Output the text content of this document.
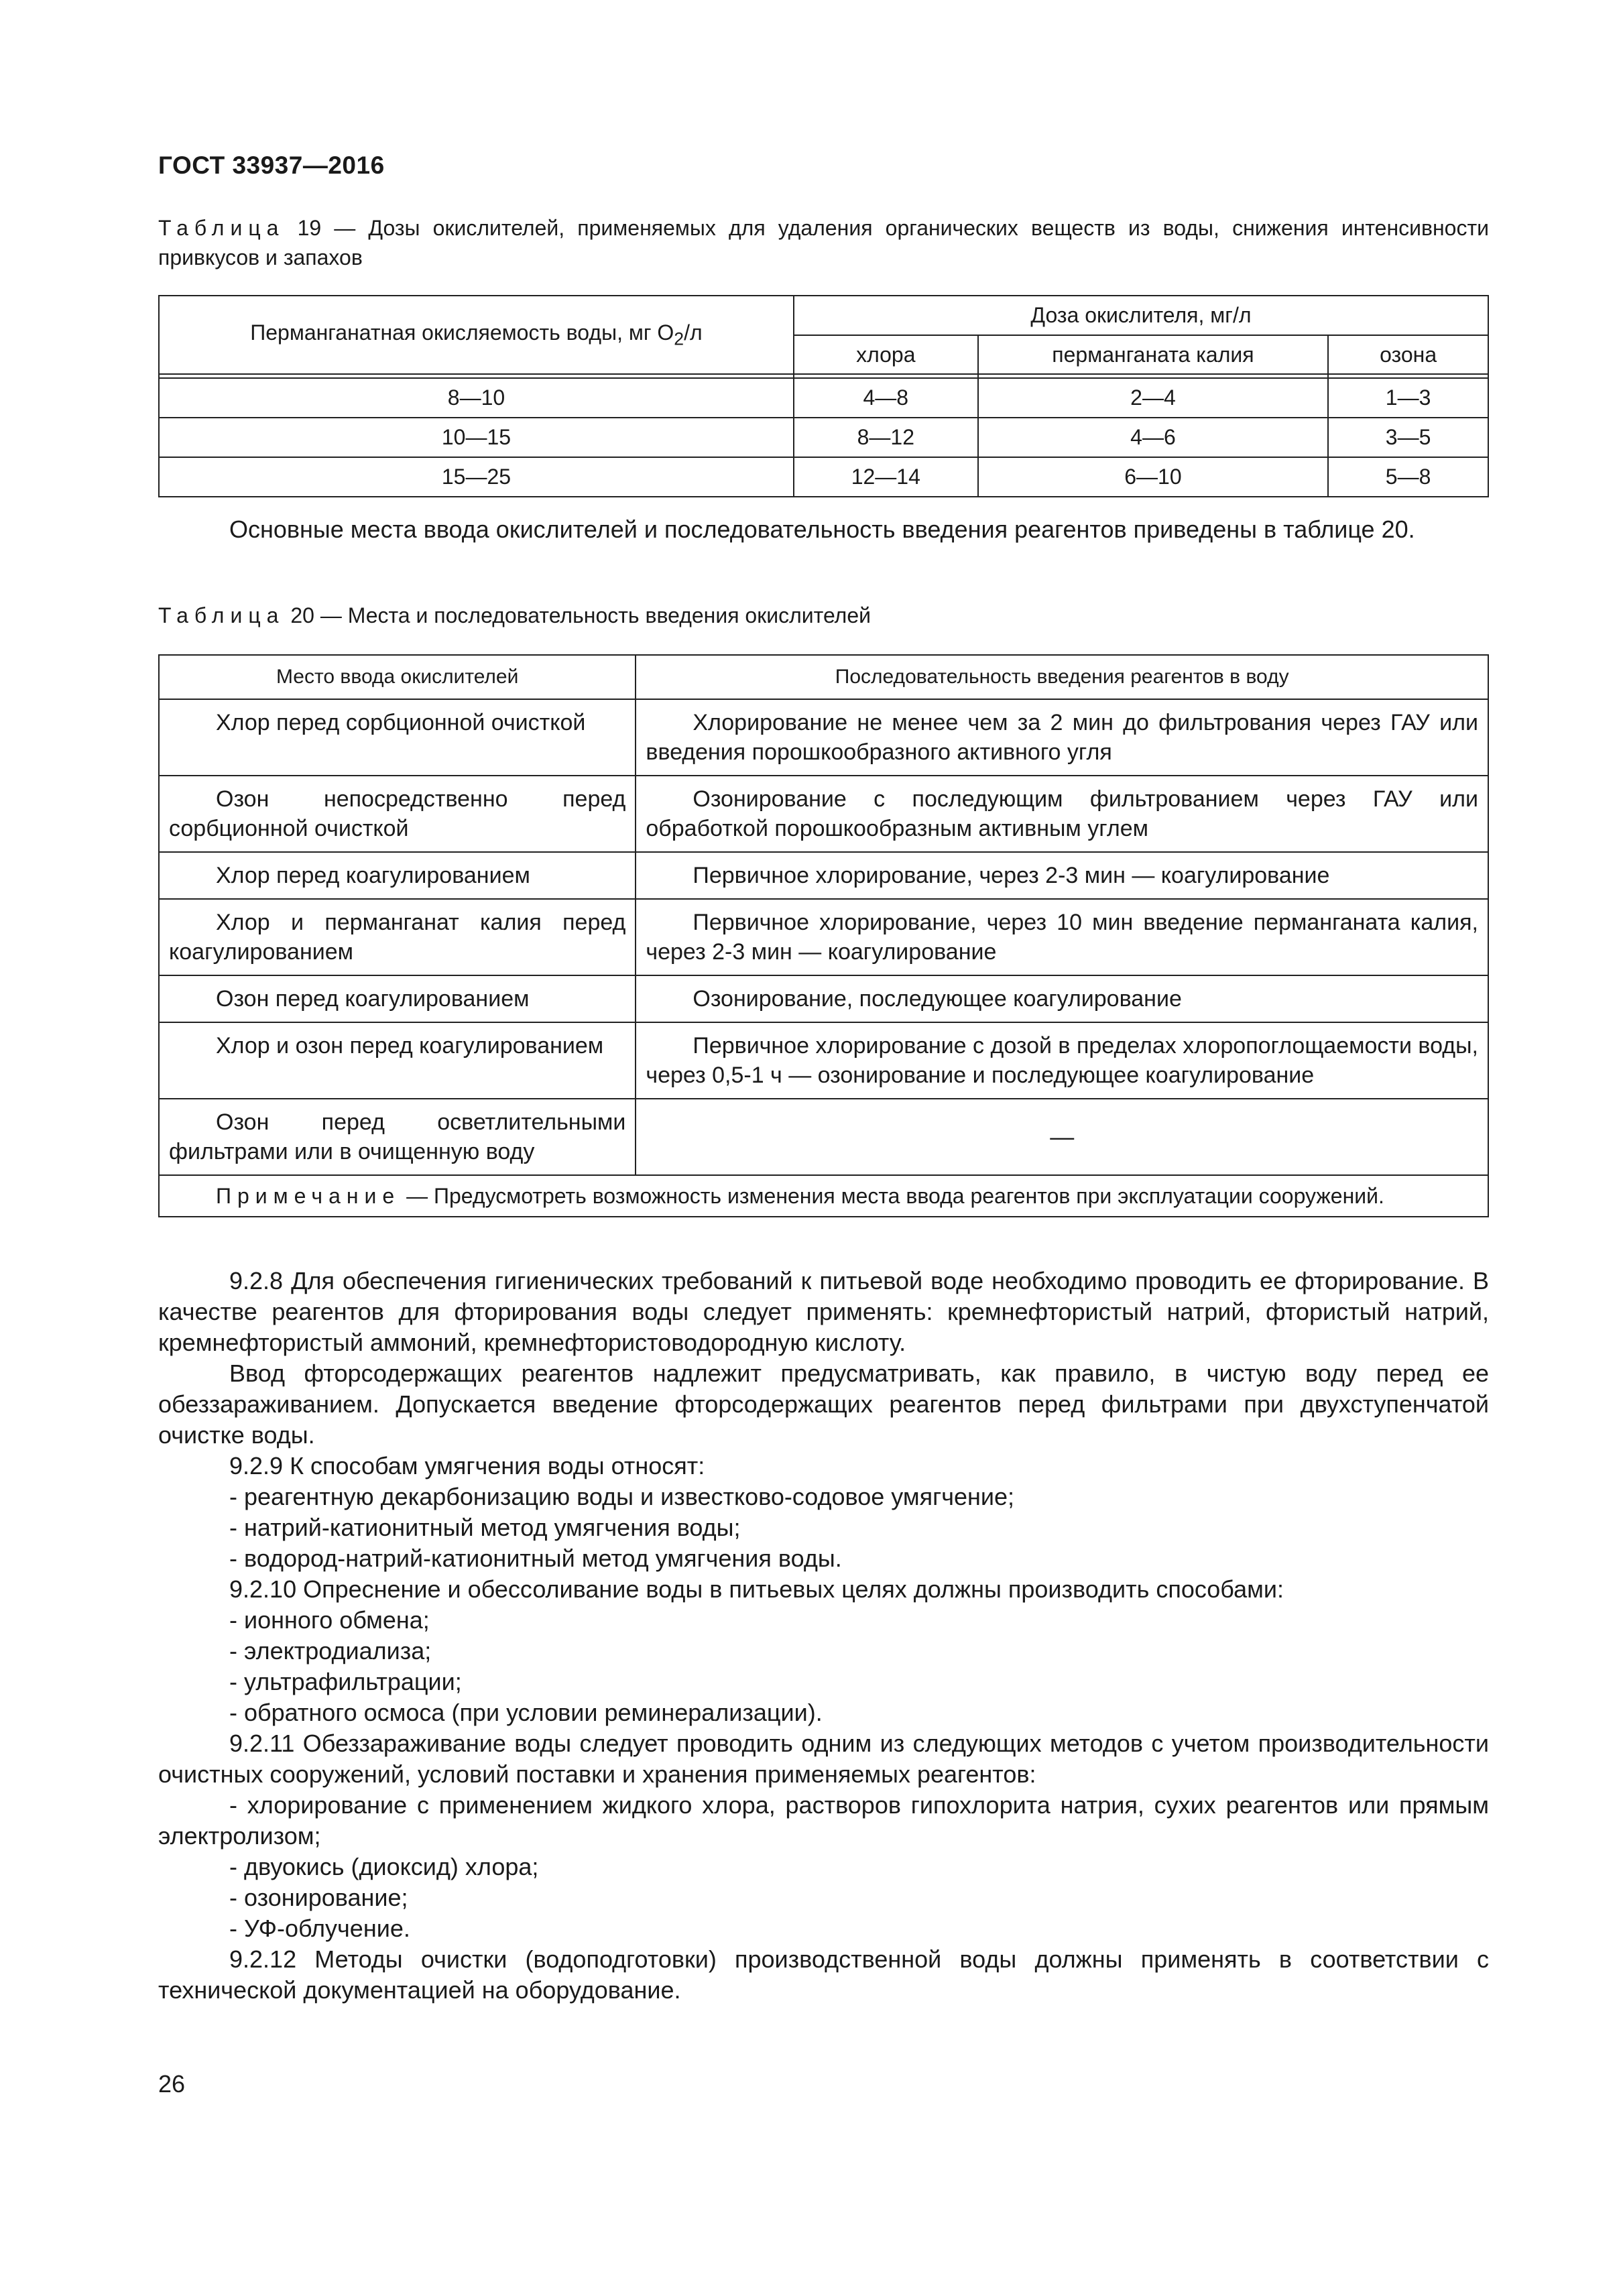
ГОСТ 33937—2016
Таблица 19 — Дозы окислителей, применяемых для удаления органических веществ из воды, снижения интенсивности привкусов и запахов
Перманганатная окисляемость воды, мг $O_2/л$	Доза окислителя, мг/л		
	хлора	перманганата калия	озона

8—10	4—8	2—4	1—3
10—15	8—12	4—6	3—5
15—25	12—14	6—10	5—8
Основные места ввода окислителей и последовательность введения реагентов приведены в таблице 20.
Таблица 20 — Места и последовательность введения окислителей
Место ввода окислителей	Последовательность введения реагентов в воду
Хлор перед сорбционной очисткой	Хлорирование не менее чем за 2 мин до фильтрования через ГАУ или введения порошкообразного активного угля
Озон непосредственно перед сорбционной очисткой	Озонирование с последующим фильтрованием через ГАУ или обработкой порошкообразным активным углем
Хлор перед коагулированием	Первичное хлорирование, через 2-3 мин — коагулирование
Хлор и перманганат калия перед коагулированием	Первичное хлорирование, через 10 мин введение перманганата калия, через 2-3 мин — коагулирование
Озон перед коагулированием	Озонирование, последующее коагулирование
Хлор и озон перед коагулированием	Первичное хлорирование с дозой в пределах хлоропоглощаемости воды, через 0,5-1 ч — озонирование и последующее коагулирование
Озон перед осветлительными фильтрами или в очищенную воду	—
Примечание — Предусмотреть возможность изменения места ввода реагентов при эксплуатации сооружений.	

9.2.8 Для обеспечения гигиенических требований к питьевой воде необходимо проводить ее фторирование. В качестве реагентов для фторирования воды следует применять: кремнефтористый натрий, фтористый натрий, кремнефтористый аммоний, кремнефтористоводородную кислоту.

Ввод фторсодержащих реагентов надлежит предусматривать, как правило, в чистую воду перед ее обеззараживанием. Допускается введение фторсодержащих реагентов перед фильтрами при двухступенчатой очистке воды.

9.2.9 К способам умягчения воды относят:

- реагентную декарбонизацию воды и известково-содовое умягчение;

- натрий-катионитный метод умягчения воды;

- водород-натрий-катионитный метод умягчения воды.

9.2.10 Опреснение и обессоливание воды в питьевых целях должны производить способами:

- ионного обмена;

- электродиализа;

- ультрафильтрации;

- обратного осмоса (при условии реминерализации).

9.2.11 Обеззараживание воды следует проводить одним из следующих методов с учетом производительности очистных сооружений, условий поставки и хранения применяемых реагентов:

- хлорирование с применением жидкого хлора, растворов гипохлорита натрия, сухих реагентов или прямым электролизом;

- двуокись (диоксид) хлора;

- озонирование;

- УФ-облучение.

9.2.12 Методы очистки (водоподготовки) производственной воды должны применять в соответствии с технической документацией на оборудование.

26
